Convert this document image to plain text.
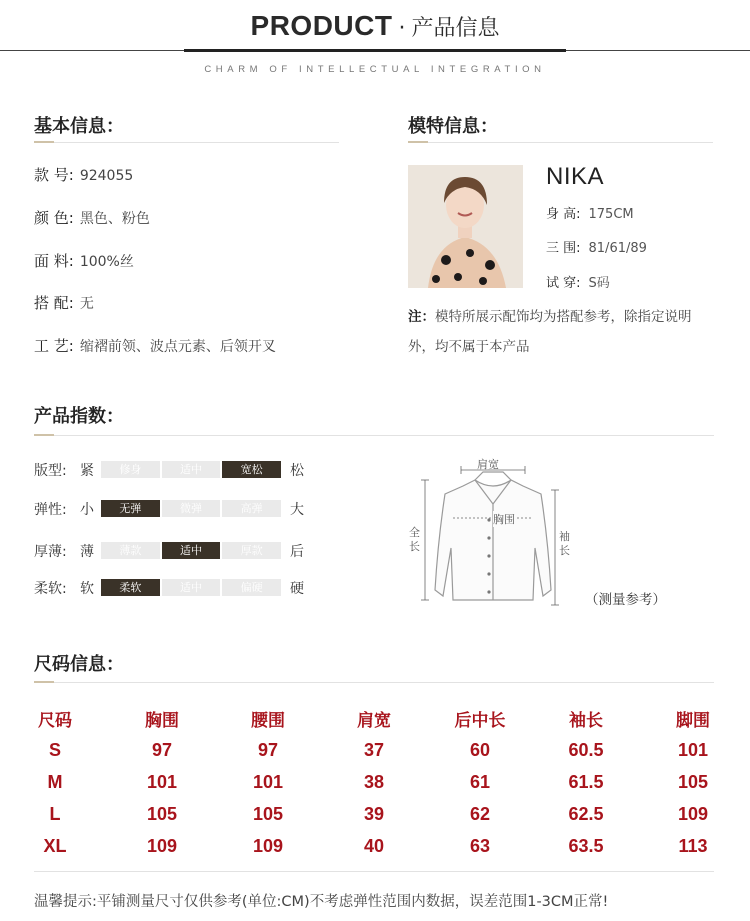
PRODUCT · 产品信息
CHARM OF INTELLECTUAL INTEGRATION
基本信息：
款 号: 924055
颜 色: 黑色、粉色
面 料: 100%丝
搭 配: 无
工 艺: 缩褶前领、波点元素、后领开叉
模特信息：
NIKA
身 高: 175CM
三 围: 81/61/89
试 穿: S码
注：模特所展示配饰均为搭配参考，除指定说明外，均不属于本产品
产品指数：
版型: 紧	修身	适中	宽松	松
弹性: 小	无弹	微弹	高弹	大
厚薄: 薄	薄款	适中	厚款	后
柔软: 软	柔软	适中	偏硬	硬
肩宽
胸围
全长
袖长
（测量参考）
尺码信息：
尺码	胸围	腰围	肩宽	后中长	袖长	脚围
S	97	97	37	60	60.5	101
M	101	101	38	61	61.5	105
L	105	105	39	62	62.5	109
XL	109	109	40	63	63.5	113
温馨提示:平铺测量尺寸仅供参考(单位:CM)不考虑弹性范围内数据，误差范围1-3CM正常!
